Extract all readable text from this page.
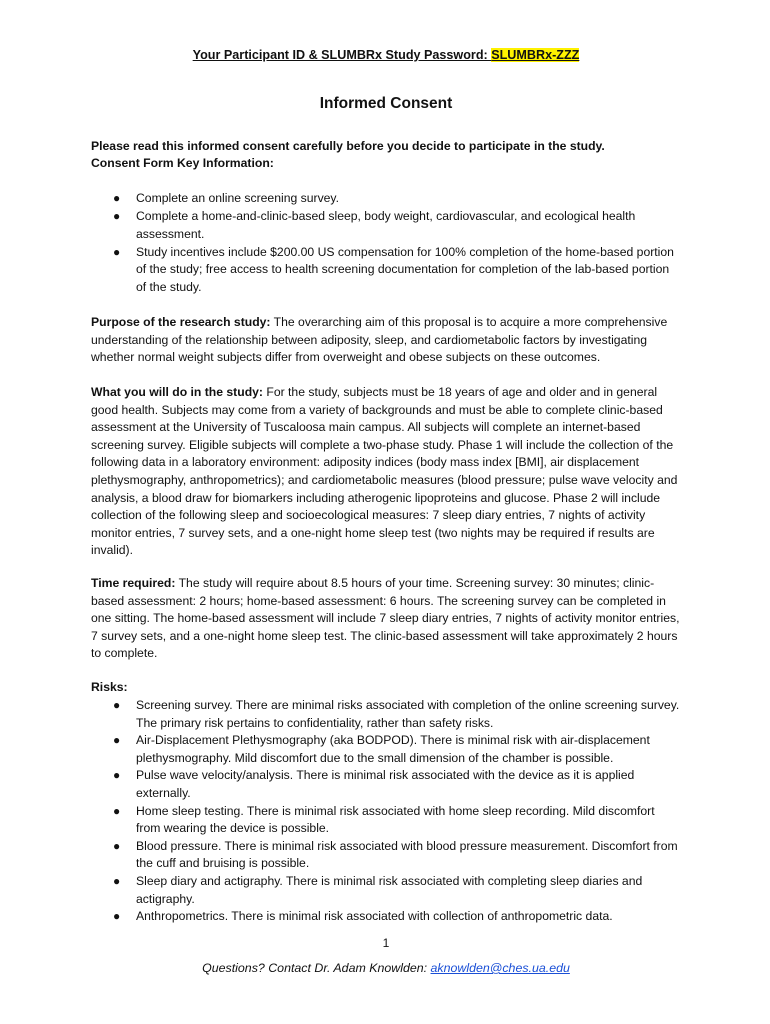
Your Participant ID & SLUMBRx Study Password: SLUMBRx-ZZZ
Informed Consent
Please read this informed consent carefully before you decide to participate in the study.
Consent Form Key Information:
● Complete an online screening survey.
● Complete a home-and-clinic-based sleep, body weight, cardiovascular, and ecological health assessment.
● Study incentives include $200.00 US compensation for 100% completion of the home-based portion of the study; free access to health screening documentation for completion of the lab-based portion of the study.
Purpose of the research study: The overarching aim of this proposal is to acquire a more comprehensive understanding of the relationship between adiposity, sleep, and cardiometabolic factors by investigating whether normal weight subjects differ from overweight and obese subjects on these outcomes.
What you will do in the study: For the study, subjects must be 18 years of age and older and in general good health. Subjects may come from a variety of backgrounds and must be able to complete clinic-based assessment at the University of Tuscaloosa main campus. All subjects will complete an internet-based screening survey. Eligible subjects will complete a two-phase study. Phase 1 will include the collection of the following data in a laboratory environment: adiposity indices (body mass index [BMI], air displacement plethysmography, anthropometrics); and cardiometabolic measures (blood pressure; pulse wave velocity and analysis, a blood draw for biomarkers including atherogenic lipoproteins and glucose. Phase 2 will include collection of the following sleep and socioecological measures: 7 sleep diary entries, 7 nights of activity monitor entries, 7 survey sets, and a one-night home sleep test (two nights may be required if results are invalid).
Time required: The study will require about 8.5 hours of your time. Screening survey: 30 minutes; clinic-based assessment: 2 hours; home-based assessment: 6 hours. The screening survey can be completed in one sitting. The home-based assessment will include 7 sleep diary entries, 7 nights of activity monitor entries, 7 survey sets, and a one-night home sleep test. The clinic-based assessment will take approximately 2 hours to complete.
Risks:
● Screening survey. There are minimal risks associated with completion of the online screening survey. The primary risk pertains to confidentiality, rather than safety risks.
● Air-Displacement Plethysmography (aka BODPOD). There is minimal risk with air-displacement plethysmography. Mild discomfort due to the small dimension of the chamber is possible.
● Pulse wave velocity/analysis. There is minimal risk associated with the device as it is applied externally.
● Home sleep testing. There is minimal risk associated with home sleep recording. Mild discomfort from wearing the device is possible.
● Blood pressure. There is minimal risk associated with blood pressure measurement. Discomfort from the cuff and bruising is possible.
● Sleep diary and actigraphy. There is minimal risk associated with completing sleep diaries and actigraphy.
● Anthropometrics. There is minimal risk associated with collection of anthropometric data.
1
Questions? Contact Dr. Adam Knowlden: aknowlden@ches.ua.edu
